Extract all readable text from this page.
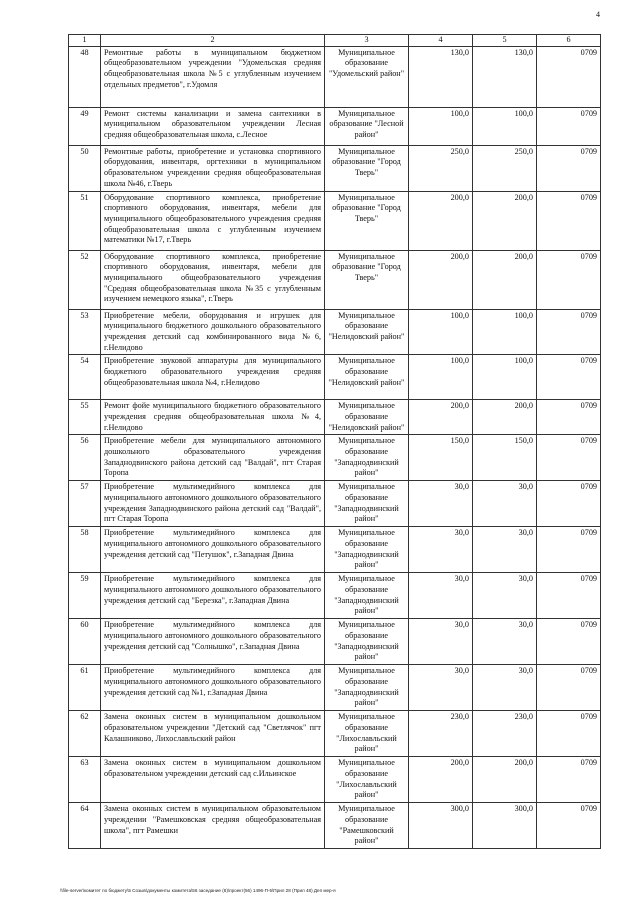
4
1	2	3	4	5	6
48	Ремонтные работы в муниципальном бюджетном общеобразовательном учреждении "Удомельская средняя общеобразовательная школа №5 с углубленным изучением отдельных предметов", г.Удомля	Муниципальное образование "Удомельский район"	130,0	130,0	0709
49	Ремонт системы канализации и замена сантехники в муниципальном образовательном учреждении Лесная средняя общеобразовательная школа, с.Лесное	Муниципальное образование "Лесной район"	100,0	100,0	0709
50	Ремонтные работы, приобретение и установка спортивного оборудования, инвентаря, оргтехники в муниципальном образовательном учреждении средняя общеобразовательная школа №46, г.Тверь	Муниципальное образование "Город Тверь"	250,0	250,0	0709
51	Оборудование спортивного комплекса, приобретение спортивного оборудования, инвентаря, мебели для муниципального общеобразовательного учреждения средняя общеобразовательная школа с углубленным изучением математики №17, г.Тверь	Муниципальное образование "Город Тверь"	200,0	200,0	0709
52	Оборудование спортивного комплекса, приобретение спортивного оборудования, инвентаря, мебели для муниципального общеобразовательного учреждения "Средняя общеобразовательная школа №35 с углубленным изучением немецкого языка", г.Тверь	Муниципальное образование "Город Тверь"	200,0	200,0	0709
53	Приобретение мебели, оборудования и игрушек для муниципального бюджетного дошкольного образовательного учреждения детский сад комбинированного вида №6, г.Нелидово	Муниципальное образование "Нелидовский район"	100,0	100,0	0709
54	Приобретение звуковой аппаратуры для муниципального бюджетного образовательного учреждения средняя общеобразовательная школа №4, г.Нелидово	Муниципальное образование "Нелидовский район"	100,0	100,0	0709
55	Ремонт фойе муниципального бюджетного образовательного учреждения средняя общеобразовательная школа №4, г.Нелидово	Муниципальное образование "Нелидовский район"	200,0	200,0	0709
56	Приобретение мебели для муниципального автономного дошкольного образовательного учреждения Западнодвинского района детский сад "Валдай", пгт Старая Торопа	Муниципальное образование "Западнодвинский район"	150,0	150,0	0709
57	Приобретение мультимедийного комплекса для муниципального автономного дошкольного образовательного учреждения Западнодвинского района детский сад "Валдай", пгт Старая Торопа	Муниципальное образование "Западнодвинский район"	30,0	30,0	0709
58	Приобретение мультимедийного комплекса для муниципального автономного дошкольного образовательного учреждения детский сад "Петушок", г.Западная Двина	Муниципальное образование "Западнодвинский район"	30,0	30,0	0709
59	Приобретение мультимедийного комплекса для муниципального автономного дошкольного образовательного учреждения детский сад "Березка", г.Западная Двина	Муниципальное образование "Западнодвинский район"	30,0	30,0	0709
60	Приобретение мультимедийного комплекса для муниципального автономного дошкольного образовательного учреждения детский сад "Солнышко", г.Западная Двина	Муниципальное образование "Западнодвинский район"	30,0	30,0	0709
61	Приобретение мультимедийного комплекса для муниципального автономного дошкольного образовательного учреждения детский сад №1, г.Западная Двина	Муниципальное образование "Западнодвинский район"	30,0	30,0	0709
62	Замена оконных систем в муниципальном дошкольном образовательном учреждении "Детский сад "Светлячок" пгт Калашниково, Лихославльский район	Муниципальное образование "Лихославльский район"	230,0	230,0	0709
63	Замена оконных систем в муниципальном дошкольном образовательном учреждении детский сад с.Ильинское	Муниципальное образование "Лихославльский район"	200,0	200,0	0709
64	Замена оконных систем в муниципальном образовательном учреждении "Рамешковская средняя общеобразовательная школа", пгт Рамешки	Муниципальное образование "Рамешковский район"	300,0	300,0	0709
\\file-server\комитет по бюджету\5 Созыв\документы комитета\56 заседание (8)\проект(56) 1496-П-5\Прил 28 (Прил 48) Деп мер-я
